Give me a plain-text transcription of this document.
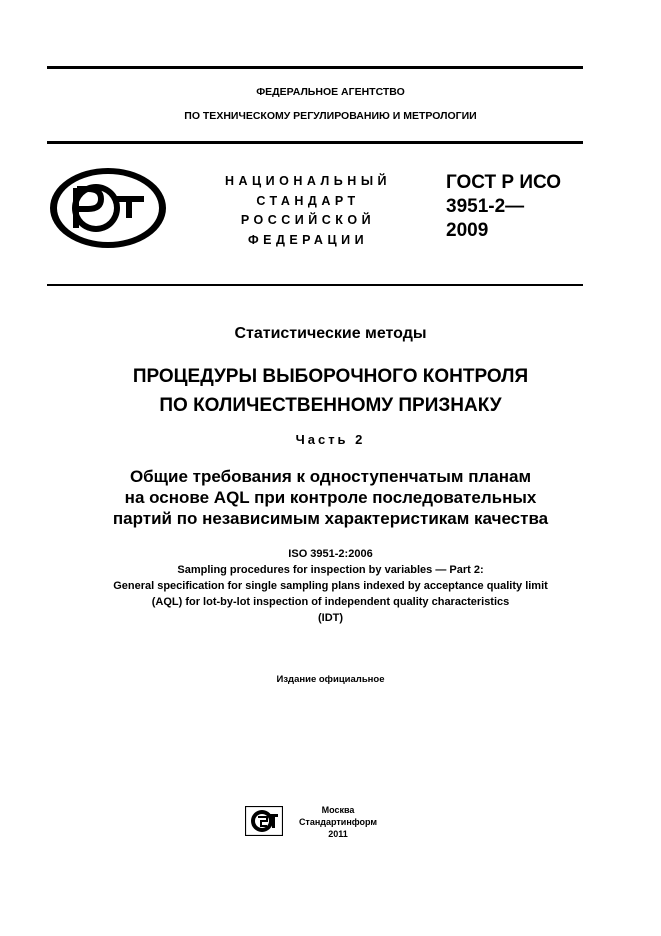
ФЕДЕРАЛЬНОЕ АГЕНТСТВО
ПО ТЕХНИЧЕСКОМУ РЕГУЛИРОВАНИЮ И МЕТРОЛОГИИ
НАЦИОНАЛЬНЫЙ
СТАНДАРТ
РОССИЙСКОЙ
ФЕДЕРАЦИИ
ГОСТ Р ИСО
3951-2—
2009
Статистические методы
ПРОЦЕДУРЫ ВЫБОРОЧНОГО КОНТРОЛЯ
ПО КОЛИЧЕСТВЕННОМУ ПРИЗНАКУ
Часть 2
Общие требования к одноступенчатым планам
на основе AQL при контроле последовательных
партий по независимым характеристикам качества
ISO 3951-2:2006
Sampling procedures for inspection by variables — Part 2:
General specification for single sampling plans indexed by acceptance quality limit
(AQL) for lot-by-lot inspection of independent quality characteristics
(IDT)
Издание официальное
Москва
Стандартинформ
2011
